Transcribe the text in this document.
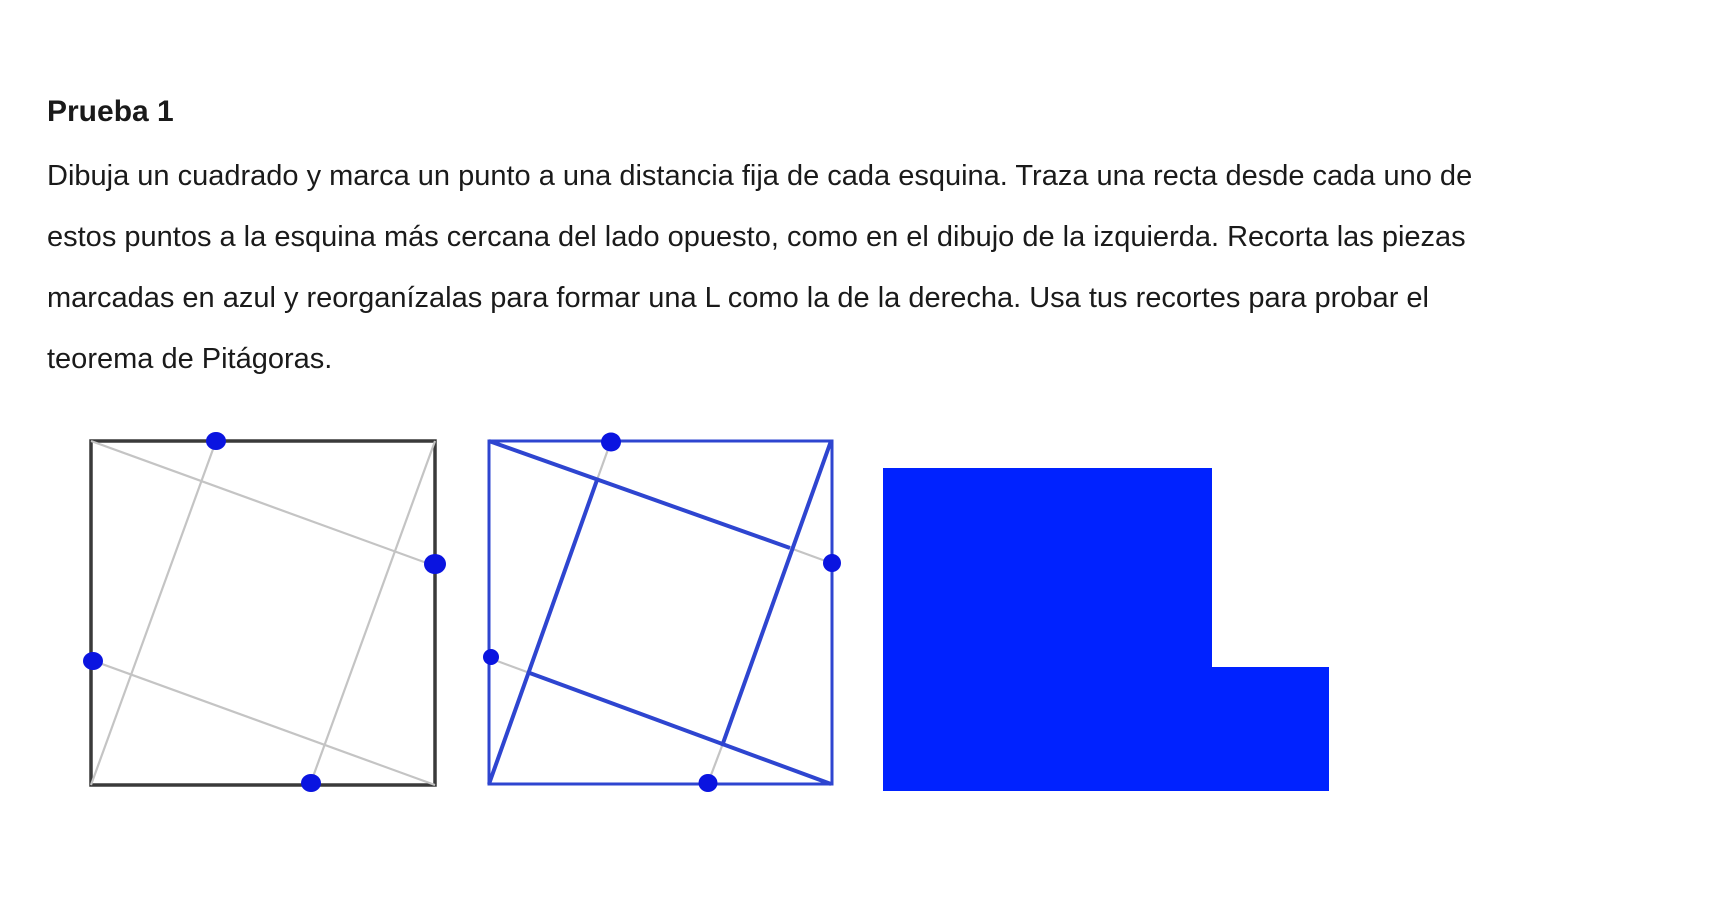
Prueba 1

Dibuja un cuadrado y marca un punto a una distancia fija de cada esquina. Traza una recta desde cada uno de
estos puntos a la esquina más cercana del lado opuesto, como en el dibujo de la izquierda. Recorta las piezas
marcadas en azul y reorganízalas para formar una L como la de la derecha. Usa tus recortes para probar el
teorema de Pitágoras.
